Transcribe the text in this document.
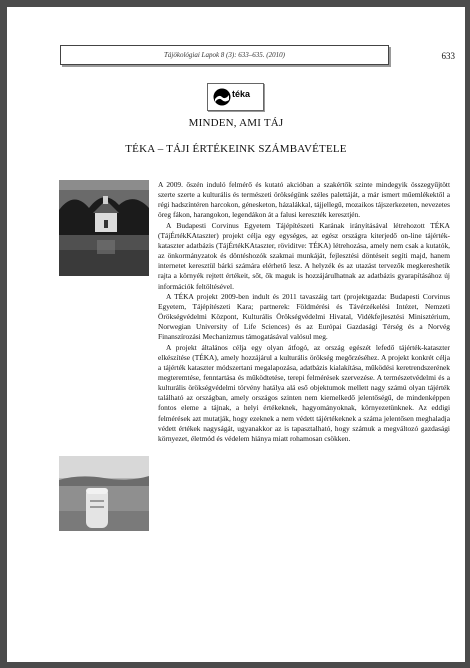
Tájökológiai Lapok 8 (3): 633–635. (2010)	633
téka
MINDEN, AMI TÁJ
TÉKA – TÁJI ÉRTÉKEINK SZÁMBAVÉTELE

A 2009. őszén induló felmérő és kutató akcióban a szakértők szinte mindegyik összegyűjtött szerte szerte a kulturális és természeti örökségünk széles palettáját, a már ismert műemlékektől a régi hadszíntéren harcokon, génesketon, házalákkal, tájjellegű, mozaikos tájszerkezeten, nevezetes öreg fákon, harangokon, legendákon át a falusi kereszték keresztjén.

A Budapesti Corvinus Egyetem Tájépítészeti Karának irányításával létrehozott TÉKA (TájÉrtékKAtaszter) projekt célja egy egységes, az egész országra kiterjedő on-line tájérték-kataszter adatbázis (TájÉrtékKAtaszter, röviditve: TÉKA) létrehozása, amely nem csak a kutatók, az önkormányzatok és döntéshozók szakmai munkáját, fejlesztési döntéseit segíti majd, hanem internetet keresztül bárki számára elérhető lesz. A helyzék és az utazást tervezők megkereshetik rajta a környék rejtett értékeit, sőt, ők maguk is hozzájárulhatnak az adatbázis gyarapításához új információk feltöltésével.

A TÉKA projekt 2009-ben indult és 2011 tavaszáig tart (projektgazda: Budapesti Corvinus Egyetem, Tájépítészeti Kara; partnerek: Földmérési és Távérzékelési Intézet, Nemzeti Örökségvédelmi Központ, Kulturális Örökségvédelmi Hivatal, Vidékfejlesztési Minisztérium, Norwegian University of Life Sciences) és az Európai Gazdasági Térség és a Norvég Finanszírozási Mechanizmus támogatásával valósul meg.

A projekt általános célja egy olyan átfogó, az ország egészét lefedő tájérték-kataszter elkészítése (TÉKA), amely hozzájárul a kulturális örökség megőrzéséhez. A projekt konkrét célja a tájérték kataszter módszertani megalapozása, adatbázis kialakítása, működési keretrendszerének megteremtése, fenntartása és működtetése, terepi felmérések szervezése. A természetvédelmi és a kulturális örökségvédelmi törvény hatálya alá eső objektumok mellett nagy számú olyan tájérték található az országban, amely országos szinten nem kiemelkedő jelentőségű, de mindenképpen fontos eleme a tájnak, a helyi értékeknek, hagyományoknak, környezetünknek. Az eddigi felmérések azt mutatják, hogy ezeknek a nem védett tájértékeknek a száma jelentősen meghaladja védett értékek nagyságát, ugyanakkor az is tapasztalható, hogy számuk a megváltozó gazdasági környezet, életmód és védelem hiánya miatt rohamosan csökken.
